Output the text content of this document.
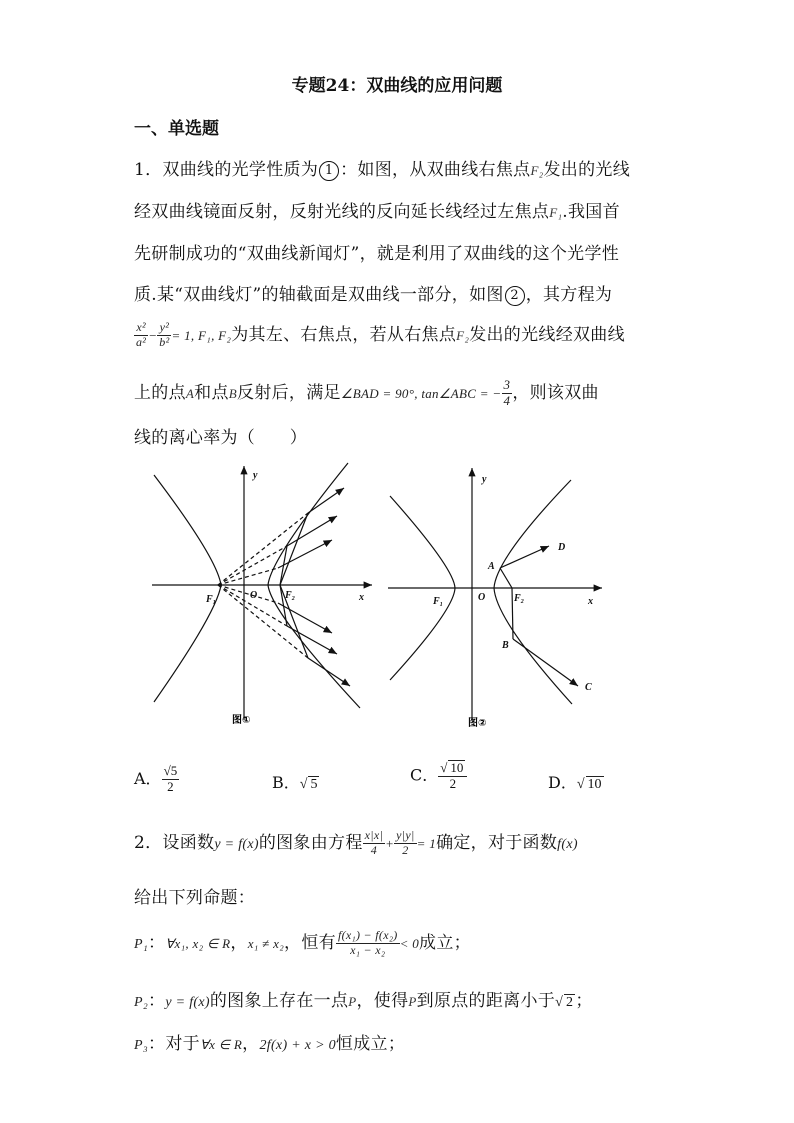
专题24：双曲线的应用问题
一、单选题
1．双曲线的光学性质为 1 ：如图，从双曲线右焦点F₂发出的光线
经双曲线镜面反射，反射光线的反向延长线经过左焦点F₁.我国首
先研制成功的“双曲线新闻灯”，就是利用了双曲线的这个光学性
质.某“双曲线灯”的轴截面是双曲线一部分，如图 2 ，其方程为
$\frac{\text{x²}}{\text{a²}} - \frac{\text{y²}}{\text{b²}} = 1$, F₁, F₂为其左、右焦点，若从右焦点F₂发出的光线经双曲线
上的点A和点B反射后，满足∠BAD = 90°, tan∠ABC = − $\frac{3}{4}$ ，则该双曲
线的离心率为（　　）
y
x
O
F₁	F₂
图①
y
x
O
F₁	F₂
A
B
C
D
图②
A． $\frac{√5}{2}$	B．√ 5
C． $\frac{√ 10}{2}$	D．√ 10
2．设函数y = f(x)的图象由方程 $\frac{x|x|}{4} + \frac{y|y|}{2} = 1$确定，对于函数f(x)
给出下列命题：
P₁：∀x₁, x₂ ∈ R，x₁ ≠ x₂，恒有 $\frac{\text{f(x₁) − f(x₂)}}{\text{x₁ − x₂}} < 0$成立；
P₂：y = f(x)的图象上存在一点P，使得P到原点的距离小于√ 2 ；
P₃：对于∀x ∈ R，2f(x) + x > 0恒成立；
